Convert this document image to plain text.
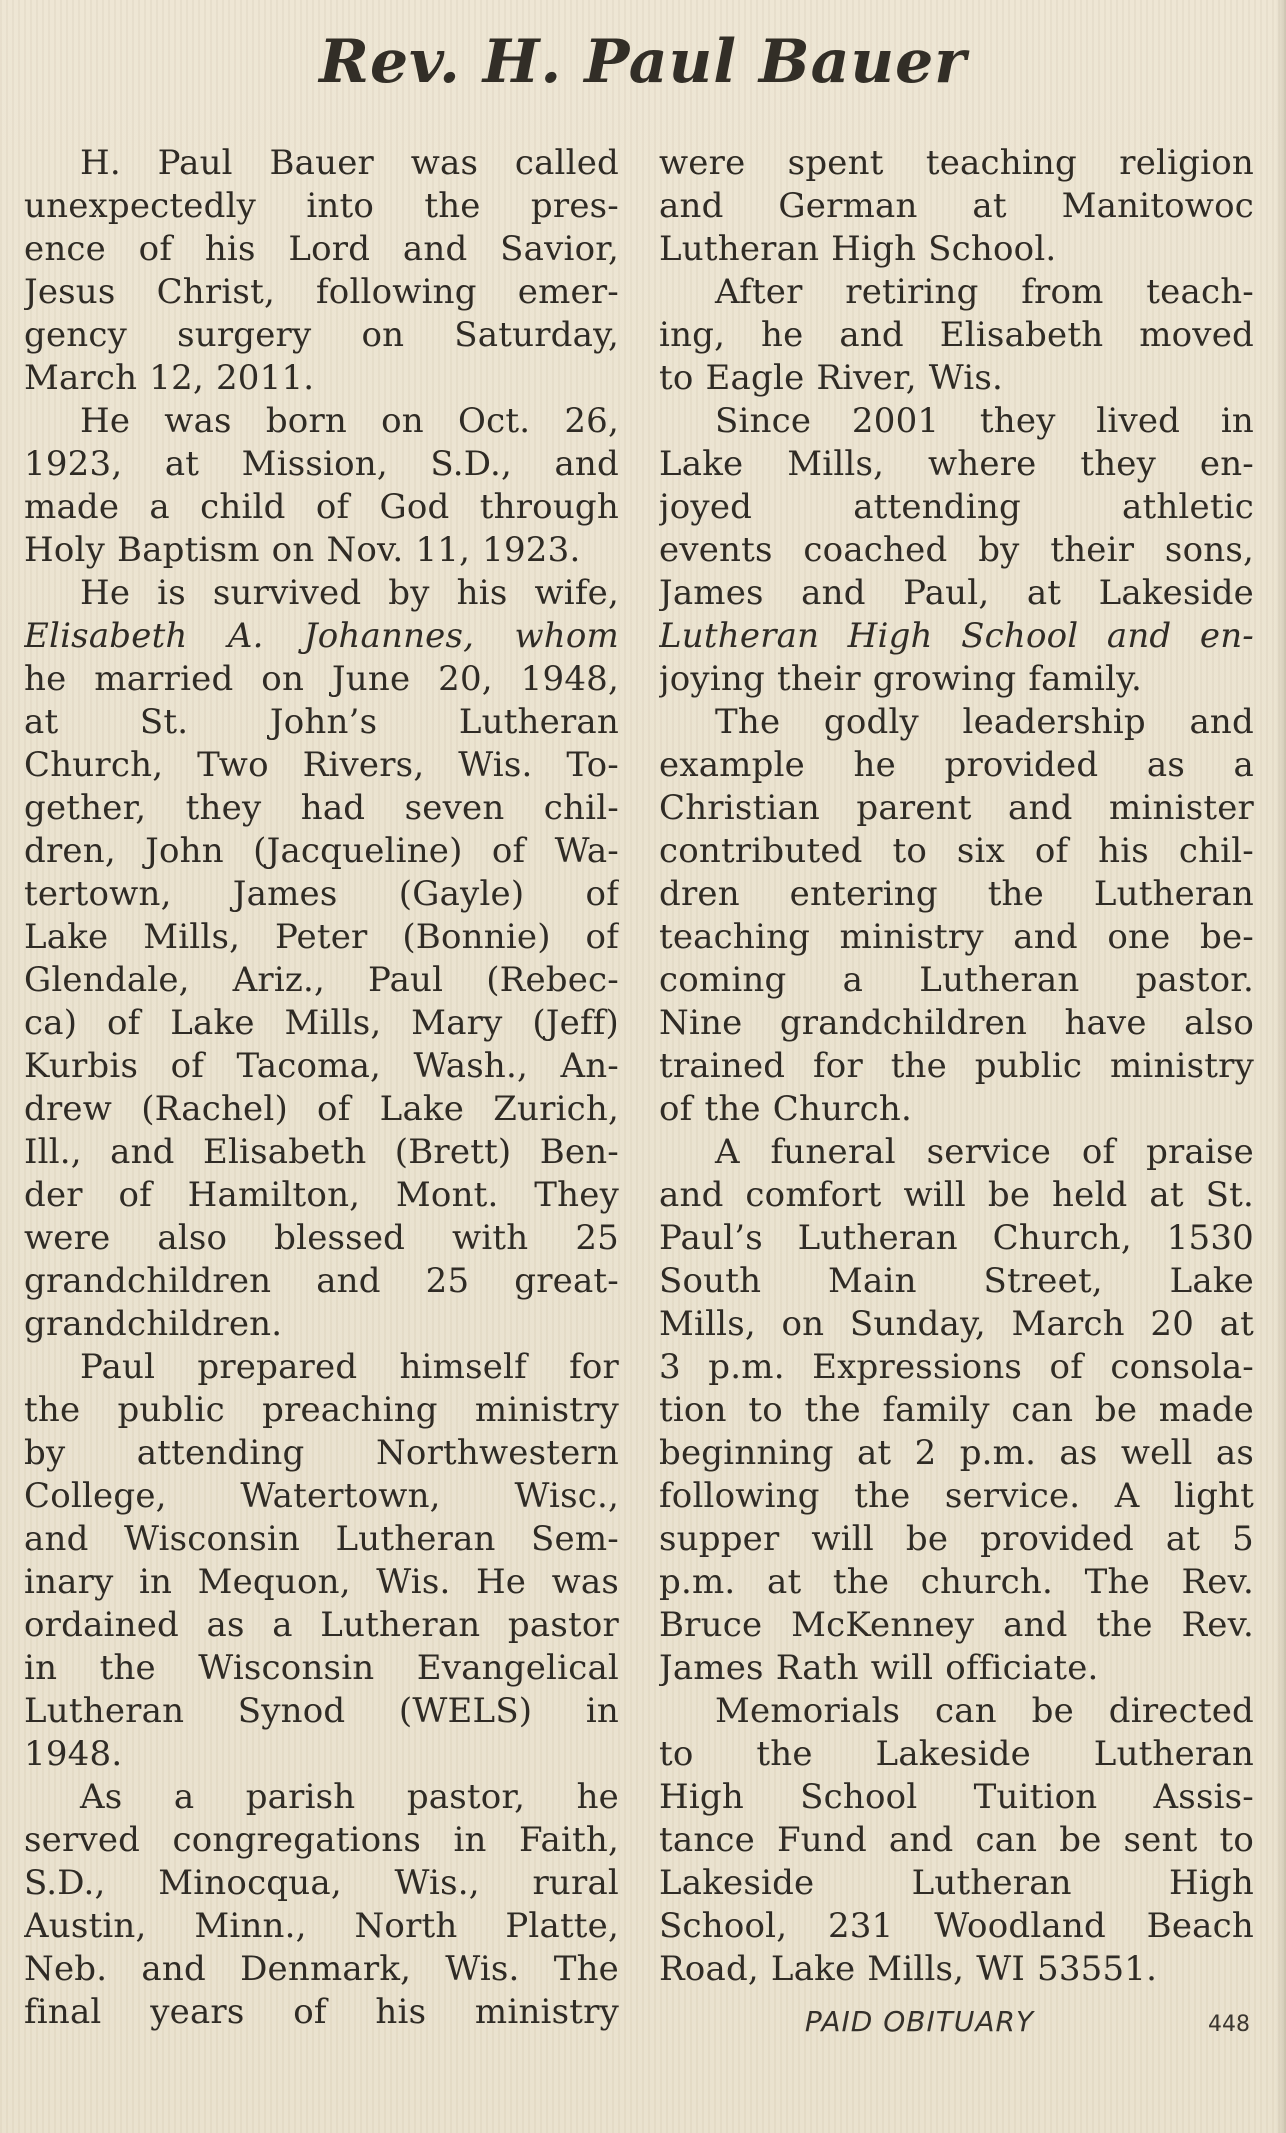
Rev. H. Paul Bauer
H. Paul Bauer was called
unexpectedly into the pres-
ence of his Lord and Savior,
Jesus Christ, following emer-
gency surgery on Saturday,
March 12, 2011.
He was born on Oct. 26,
1923, at Mission, S.D., and
made a child of God through
Holy Baptism on Nov. 11, 1923.
He is survived by his wife,
Elisabeth A. Johannes, whom
he married on June 20, 1948,
at St. John’s Lutheran
Church, Two Rivers, Wis. To-
gether, they had seven chil-
dren, John (Jacqueline) of Wa-
tertown, James (Gayle) of
Lake Mills, Peter (Bonnie) of
Glendale, Ariz., Paul (Rebec-
ca) of Lake Mills, Mary (Jeff)
Kurbis of Tacoma, Wash., An-
drew (Rachel) of Lake Zurich,
Ill., and Elisabeth (Brett) Ben-
der of Hamilton, Mont. They
were also blessed with 25
grandchildren and 25 great-
grandchildren.
Paul prepared himself for
the public preaching ministry
by attending Northwestern
College, Watertown, Wisc.,
and Wisconsin Lutheran Sem-
inary in Mequon, Wis. He was
ordained as a Lutheran pastor
in the Wisconsin Evangelical
Lutheran Synod (WELS) in
1948.
As a parish pastor, he
served congregations in Faith,
S.D., Minocqua, Wis., rural
Austin, Minn., North Platte,
Neb. and Denmark, Wis. The
final years of his ministry
were spent teaching religion
and German at Manitowoc
Lutheran High School.
After retiring from teach-
ing, he and Elisabeth moved
to Eagle River, Wis.
Since 2001 they lived in
Lake Mills, where they en-
joyed attending athletic
events coached by their sons,
James and Paul, at Lakeside
Lutheran High School and en-
joying their growing family.
The godly leadership and
example he provided as a
Christian parent and minister
contributed to six of his chil-
dren entering the Lutheran
teaching ministry and one be-
coming a Lutheran pastor.
Nine grandchildren have also
trained for the public ministry
of the Church.
A funeral service of praise
and comfort will be held at St.
Paul’s Lutheran Church, 1530
South Main Street, Lake
Mills, on Sunday, March 20 at
3 p.m. Expressions of consola-
tion to the family can be made
beginning at 2 p.m. as well as
following the service. A light
supper will be provided at 5
p.m. at the church. The Rev.
Bruce McKenney and the Rev.
James Rath will officiate.
Memorials can be directed
to the Lakeside Lutheran
High School Tuition Assis-
tance Fund and can be sent to
Lakeside Lutheran High
School, 231 Woodland Beach
Road, Lake Mills, WI 53551.
PAID OBITUARY	448
